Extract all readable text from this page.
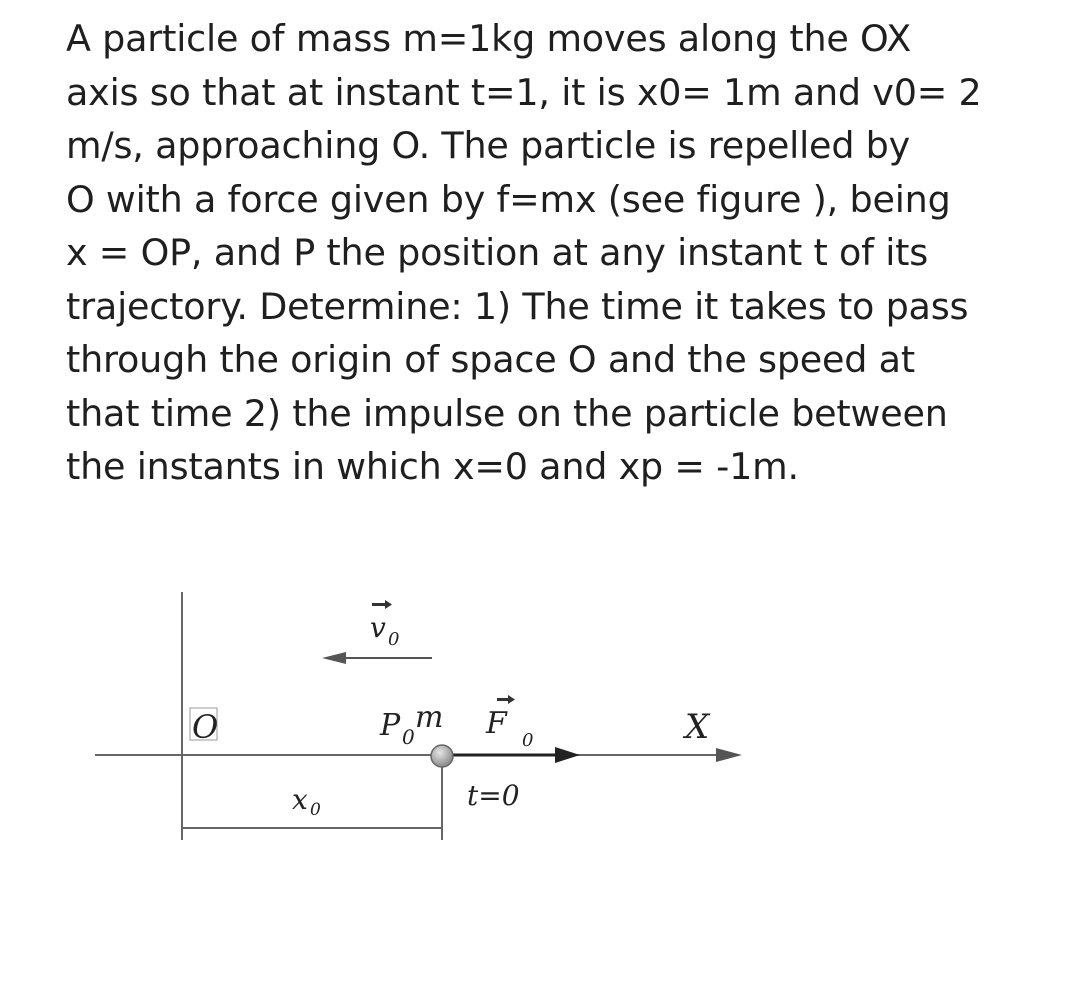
A particle of mass m=1kg moves along the OX
axis so that at instant t=1, it is x0= 1m and v0= 2
m/s, approaching O. The particle is repelled by
O with a force given by f=mx (see figure ), being
x = OP, and P the position at any instant t of its
trajectory. Determine: 1) The time it takes to pass
through the origin of space O and the speed at
that time 2) the impulse on the particle between
the instants in which x=0 and xp = -1m.
O	X
v 0
P 0
m F 0
t=0
x 0
